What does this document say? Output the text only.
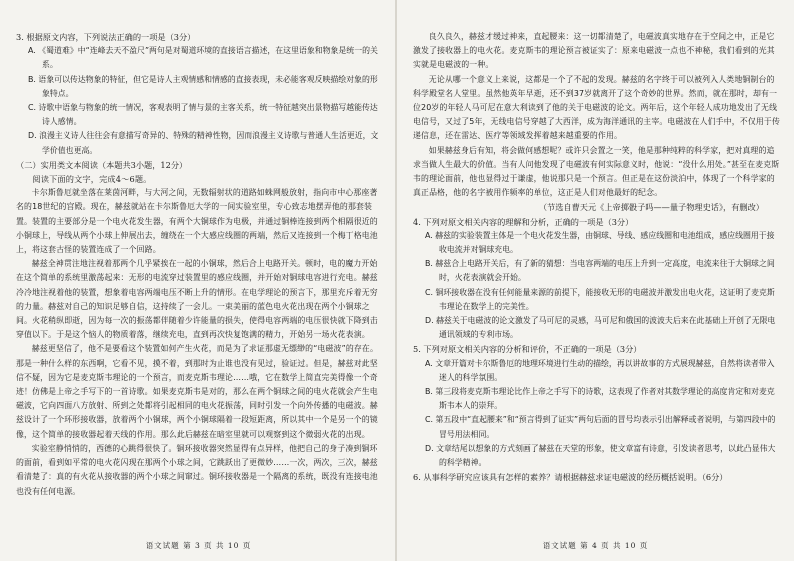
3. 根据原文内容，下列说法正确的一项是（3分）

A. 《蜀道难》中“连峰去天不盈尺”两句是对蜀道环境的直接语言描述，在这里语象和物象是统一的关系。

B. 语象可以传达物象的特征，但它是诗人主观情感和情感的直接表现，未必能客观反映描绘对象的形象特点。

C. 诗歌中语象与物象的统一情况，客观表明了情与景的主客关系，统一特征越突出景物描写越能传达诗人感情。

D. 浪漫主义诗人往往会有意描写奇异的、特殊的精神性物，因而浪漫主义诗歌与普通人生活更近，文学价值也更高。

（二）实用类文本阅读（本题共3小题，12分）

阅读下面的文字，完成4～6题。

卡尔斯鲁厄就坐落在莱茵河畔，与大河之间，无数辐射状的道路如蛛网般放射，指向市中心那座著名的18世纪的宫殿。现在，赫兹就站在卡尔斯鲁厄大学的一间实验室里，专心致志地摆弄他的那套装置。装置的主要部分是一个电火花发生器，有两个大铜球作为电极，并通过铜棒连接到两个相隔很近的小铜球上，导线从两个小球上伸展出去，缠绕在一个大感应线圈的两端，然后又连接到一个梅丁格电池上，将这套古怪的装置连成了一个回路。

赫兹全神贯注地注视着那两个几乎紧挨在一起的小铜球，然后合上电路开关。顿时，电的魔力开始在这个简单的系统里激荡起来：无形的电流穿过装置里的感应线圈，并开始对铜球电容进行充电。赫兹冷冷地注视着他的装置，想象着电容两端电压不断上升的情形。在电学理论的预言下，那里充斥着无穷的力量。赫兹对自己的知识足够自信，这持续了一会儿。一束美丽的蓝色电火花出现在两个小铜球之间。火花稍纵即逝，因为每一次的振荡都伴随着少许能量的损失，使得电容两端的电压很快就下降到击穿值以下。于是这个恼人的物质着落，继续充电，直到再次快复饱满的精力，开始另一场火花表演。

赫兹更坚信了，他不是要看这个装置如何产生火花，而是为了求证那虚无缥缈的“电磁波”的存在。那是一种什么样的东西啊，它看不见，摸不着，到那时为止谁也没有见过，验证过。但是，赫兹对此坚信不疑，因为它是麦克斯韦理论的一个预言，而麦克斯韦理论……哦，它在数学上简直完美得像一个奇迹！仿佛是上帝之手写下的一首诗歌。如果麦克斯韦是对的，那么在两个铜球之间的电火花就会产生电磁波，它向四面八方放射、所到之处都将引起相同的电火花振荡，同时引发一个向外传播的电磁波。赫兹设计了一个环形接收器，放着两个小铜球，两个小铜球隔着一段短距离，所以其中一个是另一个的镜像，这个简单的接收器起着天线的作用。那么此后赫兹在暗室里就可以观察到这个微弱火花的出现。

实验室静悄悄的，西德的心跳得很快了。铜环接收器突然显得有点异样，他把自己的身子凑到铜环的面前，看到如平常的电火花闪现在那两个小球之间，它跳跃出了更微妙……一次，两次，三次，赫兹看清楚了：真的有火花从接收器的两个小球之间窜过。铜环接收器是一个隔离的系统，既没有连接电池也没有任何电源。

语文试题 第 3 页 共 10 页

良久良久，赫兹才缓过神来，直起腰来：这一切都清楚了，电磁波真实地存在于空间之中，正是它激发了接收器上的电火花。麦克斯韦的理论预言被证实了：原来电磁波一点也不神秘，我们看到的光其实就是电磁波的一种。

无论从哪一个意义上来说，这都是一个了不起的发现。赫兹的名字终于可以被列入人类地铜制台的科学殿堂名人堂里。虽然他英年早逝，还不到37岁就离开了这个奇妙的世界。然而，就在那时，却有一位20岁的年轻人马可尼在意大利读到了他的关于电磁波的论文。两年后，这个年轻人成功地发出了无线电信号，又过了5年，无线电信号穿越了大西洋，成为海洋通讯的主宰。电磁波在人们手中，不仅用于传递信息，还在雷达、医疗等领域发挥着越来越重要的作用。

如果赫兹身后有知，将会做何感想呢？或许只会置之一笑，他是那种纯粹的科学家，把对真理的追求当做人生最大的价值。当有人问他发现了电磁波有何实际意义时，他说：“没什么用处。”甚至在麦克斯韦的理论面前，他也显得过于谦虚，他说那只是一个预言。但正是在这份淡泊中，体现了一个科学家的真正品格，他的名字被用作频率的单位，这正是人们对他最好的纪念。

（节选自曹天元《上帝掷骰子吗——量子物理史话》，有删改）

4. 下列对原文相关内容的理解和分析，正确的一项是（3分）

A. 赫兹的实验装置主体是一个电火花发生器，由铜球、导线、感应线圈和电池组成，感应线圈用于接收电流并对铜球充电。

B. 赫兹合上电路开关后，有了新的猜想：当电容两端的电压上升到一定高度，电流来往于大铜球之间时，火花表演就会开始。

C. 铜环接收器在没有任何能量来源的前提下，能接收无形的电磁波并激发出电火花，这证明了麦克斯韦理论在数学上的完美性。

D. 赫兹关于电磁波的论文激发了马可尼的灵感，马可尼和俄国的波波夫后来在此基础上开创了无限电通讯领域的专利市场。

5. 下列对原文相关内容的分析和评价，不正确的一项是（3分）

A. 文章开篇对卡尔斯鲁厄的地理环境进行生动的描绘，再以讲故事的方式展现赫兹，自然将读者带入迷人的科学氛围。

B. 第三段将麦克斯韦理论比作上帝之手写下的诗歌，这表现了作者对其数学理论的高度肯定和对麦克斯韦本人的崇拜。

C. 第五段中“直起腰来”和“预言得到了证实”两句后面的冒号均表示引出解释或者说明，与第四段中的冒号用法相同。

D. 文章结尾以想象的方式刻画了赫兹在天堂的形象，使文章富有诗意，引发读者思考，以此凸显伟大的科学精神。

6. 从事科学研究应该具有怎样的素养？请根据赫兹求证电磁波的经历概括说明。（6分）

语文试题 第 4 页 共 10 页
